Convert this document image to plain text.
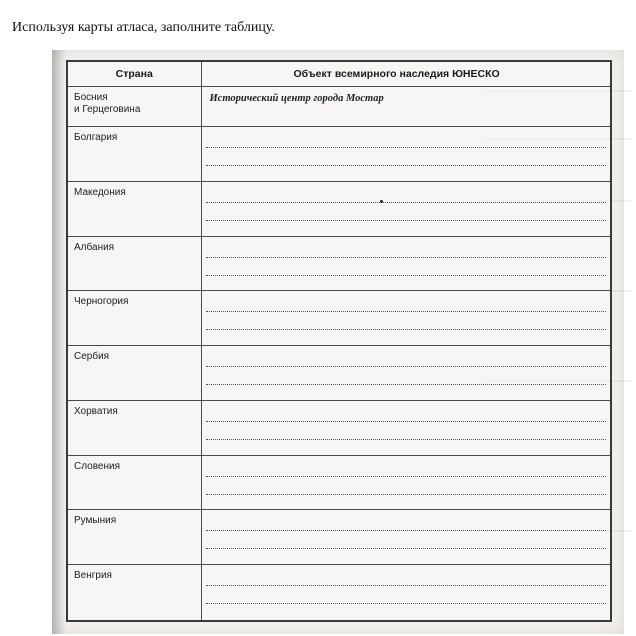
Используя карты атласа, заполните таблицу.
Страна	Объект всемирного наследия ЮНЕСКО

Босния
и Герцеговина	Исторический центр города Мостар

Болгария	

Македония	

Албания	

Черногория	

Сербия	

Хорватия	

Словения	

Румыния	

Венгрия	
